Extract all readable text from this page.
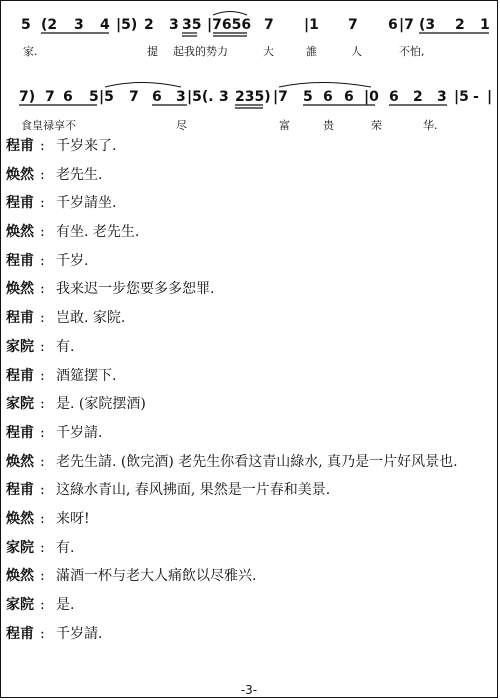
5 (2 3 4 |5) 2 3 35 |7656 7 |1 7 6 |7 (3 2 1
家.	提 起我的势力	大	誰	人	不怕,
7) 7 6 5 |5 7 6 3 |5(. 3 235) |7 5 6 6 |0 6 2 3 |5 - |
食皇禄享不	尽	富	贵	荣	华.
程甫 : 千岁来了.
焕然 : 老先生.
程甫 : 千岁請坐.
焕然 : 有坐. 老先生.
程甫 : 千岁.
焕然 : 我来迟一步您要多多恕罪.
程甫 : 岂敢. 家院.
家院 : 有.
程甫 : 酒筵摆下.
家院 : 是. (家院摆酒)
程甫 : 千岁請.
焕然 : 老先生請. (飲完酒) 老先生你看这青山綠水, 真乃是一片好风景也.
程甫 : 这綠水青山, 春风拂面, 果然是一片春和美景.
焕然 : 来呀!
家院 : 有.
焕然 : 滿酒一杯与老大人痛飲以尽雅兴.
家院 : 是.
程甫 : 千岁請.
-3-
